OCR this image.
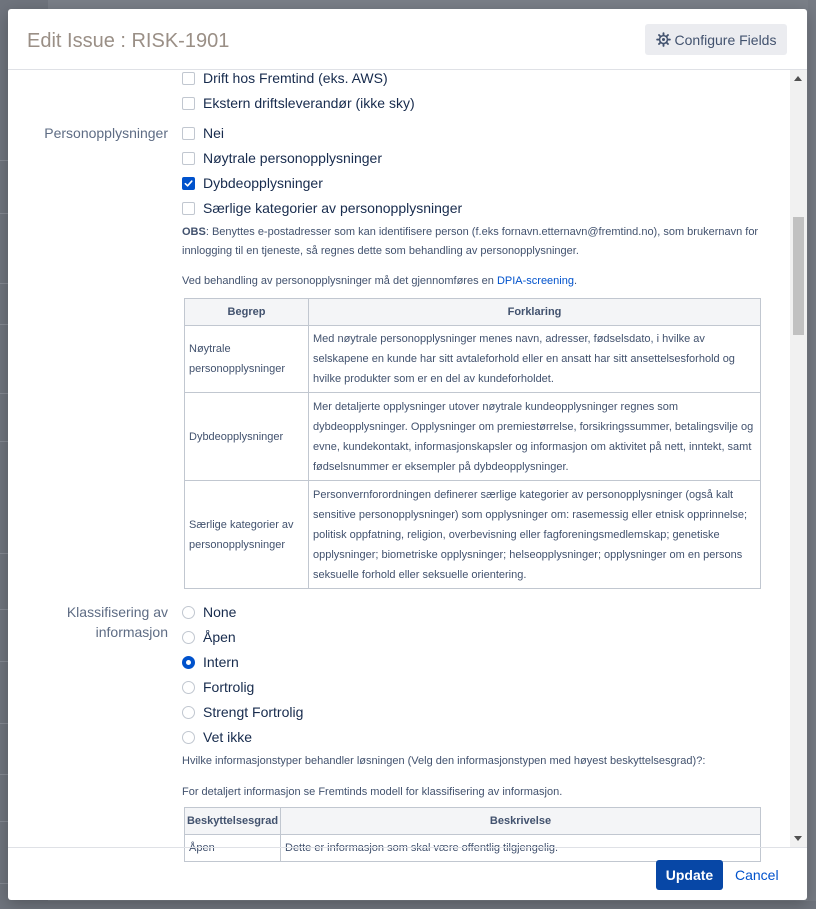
Edit Issue : RISK-1901	Configure Fields
Drift hos Fremtind (eks. AWS)
Ekstern driftsleverandør (ikke sky)
Personopplysninger	Nei
Nøytrale personopplysninger
Dybdeopplysninger
Særlige kategorier av personopplysninger
OBS: Benyttes e-postadresser som kan identifisere person (f.eks fornavn.etternavn@fremtind.no), som brukernavn for innlogging til en tjeneste, så regnes dette som behandling av personopplysninger.
Ved behandling av personopplysninger må det gjennomføres en DPIA-screening.
Begrep	Forklaring
Nøytrale personopplysninger	Med nøytrale personopplysninger menes navn, adresser, fødselsdato, i hvilke av selskapene en kunde har sitt avtaleforhold eller en ansatt har sitt ansettelsesforhold og hvilke produkter som er en del av kundeforholdet.
Dybdeopplysninger	Mer detaljerte opplysninger utover nøytrale kundeopplysninger regnes som dybdeopplysninger. Opplysninger om premiestørrelse, forsikringssummer, betalingsvilje og evne, kundekontakt, informasjonskapsler og informasjon om aktivitet på nett, inntekt, samt fødselsnummer er eksempler på dybdeopplysninger.
Særlige kategorier av personopplysninger	Personvernforordningen definerer særlige kategorier av personopplysninger (også kalt sensitive personopplysninger) som opplysninger om: rasemessig eller etnisk opprinnelse; politisk oppfatning, religion, overbevisning eller fagforeningsmedlemskap; genetiske opplysninger; biometriske opplysninger; helseopplysninger; opplysninger om en persons seksuelle forhold eller seksuelle orientering.
Klassifisering av
informasjon
None
Åpen
Intern
Fortrolig
Strengt Fortrolig
Vet ikke
Hvilke informasjonstyper behandler løsningen (Velg den informasjonstypen med høyest beskyttelsesgrad)?:
For detaljert informasjon se Fremtinds modell for klassifisering av informasjon.
Beskyttelsesgrad	Beskrivelse
Åpen	Dette er informasjon som skal være offentlig tilgjengelig.
Update	Cancel
